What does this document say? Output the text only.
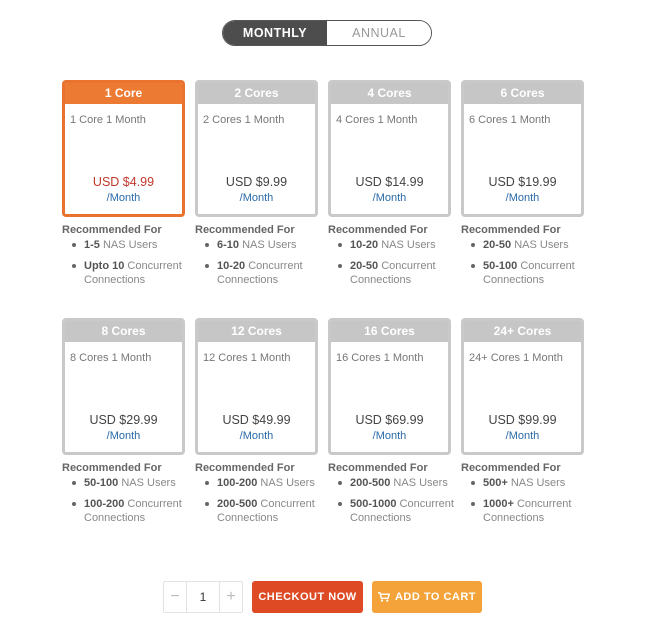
MONTHLY	ANNUAL
1 Core
1 Core 1 Month
USD $4.99
/Month
Recommended For
1-5 NAS Users
Upto 10 Concurrent Connections
2 Cores
2 Cores 1 Month
USD $9.99
/Month
Recommended For
6-10 NAS Users
10-20 Concurrent Connections
4 Cores
4 Cores 1 Month
USD $14.99
/Month
Recommended For
10-20 NAS Users
20-50 Concurrent Connections
6 Cores
6 Cores 1 Month
USD $19.99
/Month
Recommended For
20-50 NAS Users
50-100 Concurrent Connections
8 Cores
8 Cores 1 Month
USD $29.99
/Month
Recommended For
50-100 NAS Users
100-200 Concurrent Connections
12 Cores
12 Cores 1 Month
USD $49.99
/Month
Recommended For
100-200 NAS Users
200-500 Concurrent Connections
16 Cores
16 Cores 1 Month
USD $69.99
/Month
Recommended For
200-500 NAS Users
500-1000 Concurrent Connections
24+ Cores
24+ Cores 1 Month
USD $99.99
/Month
Recommended For
500+ NAS Users
1000+ Concurrent Connections
−	1	+	CHECKOUT NOW	ADD TO CART
